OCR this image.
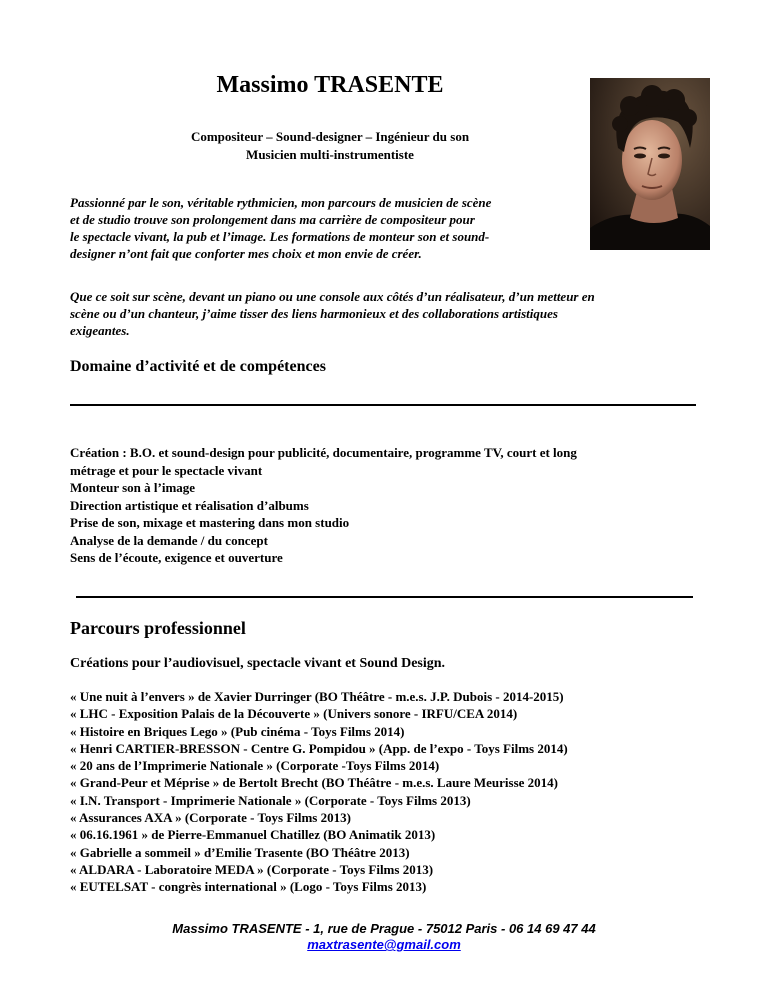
Massimo TRASENTE
Compositeur – Sound-designer – Ingénieur du son
Musicien multi-instrumentiste
Passionné par le son, véritable rythmicien, mon parcours de musicien de scène
et de studio trouve son prolongement dans ma carrière de compositeur pour
le spectacle vivant, la pub et l’image. Les formations de monteur son et sound-
designer n’ont fait que conforter mes choix et mon envie de créer.
Que ce soit sur scène, devant un piano ou une console aux côtés d’un réalisateur, d’un metteur en
scène ou d’un chanteur, j’aime tisser des liens harmonieux et des collaborations artistiques
exigeantes.
Domaine d’activité et de compétences
Création : B.O. et sound-design pour publicité, documentaire, programme TV, court et long
métrage et pour le spectacle vivant
Monteur son à l’image
Direction artistique et réalisation d’albums
Prise de son, mixage et mastering dans mon studio
Analyse de la demande / du concept
Sens de l’écoute, exigence et ouverture
Parcours professionnel
Créations pour l’audiovisuel, spectacle vivant et Sound Design.
« Une nuit à l’envers » de Xavier Durringer (BO Théâtre - m.e.s. J.P. Dubois - 2014-2015)
« LHC - Exposition Palais de la Découverte » (Univers sonore - IRFU/CEA 2014)
« Histoire en Briques Lego » (Pub cinéma - Toys Films 2014)
« Henri CARTIER-BRESSON - Centre G. Pompidou » (App. de l’expo - Toys Films 2014)
« 20 ans de l’Imprimerie Nationale » (Corporate -Toys Films 2014)
« Grand-Peur et Méprise » de Bertolt Brecht (BO Théâtre - m.e.s. Laure Meurisse 2014)
« I.N. Transport - Imprimerie Nationale » (Corporate - Toys Films 2013)
« Assurances AXA » (Corporate - Toys Films 2013)
« 06.16.1961 » de Pierre-Emmanuel Chatillez (BO Animatik 2013)
« Gabrielle a sommeil » d’Emilie Trasente (BO Théâtre 2013)
« ALDARA - Laboratoire MEDA » (Corporate - Toys Films 2013)
« EUTELSAT - congrès international » (Logo - Toys Films 2013)
Massimo TRASENTE - 1, rue de Prague - 75012 Paris - 06 14 69 47 44
maxtrasente@gmail.com
